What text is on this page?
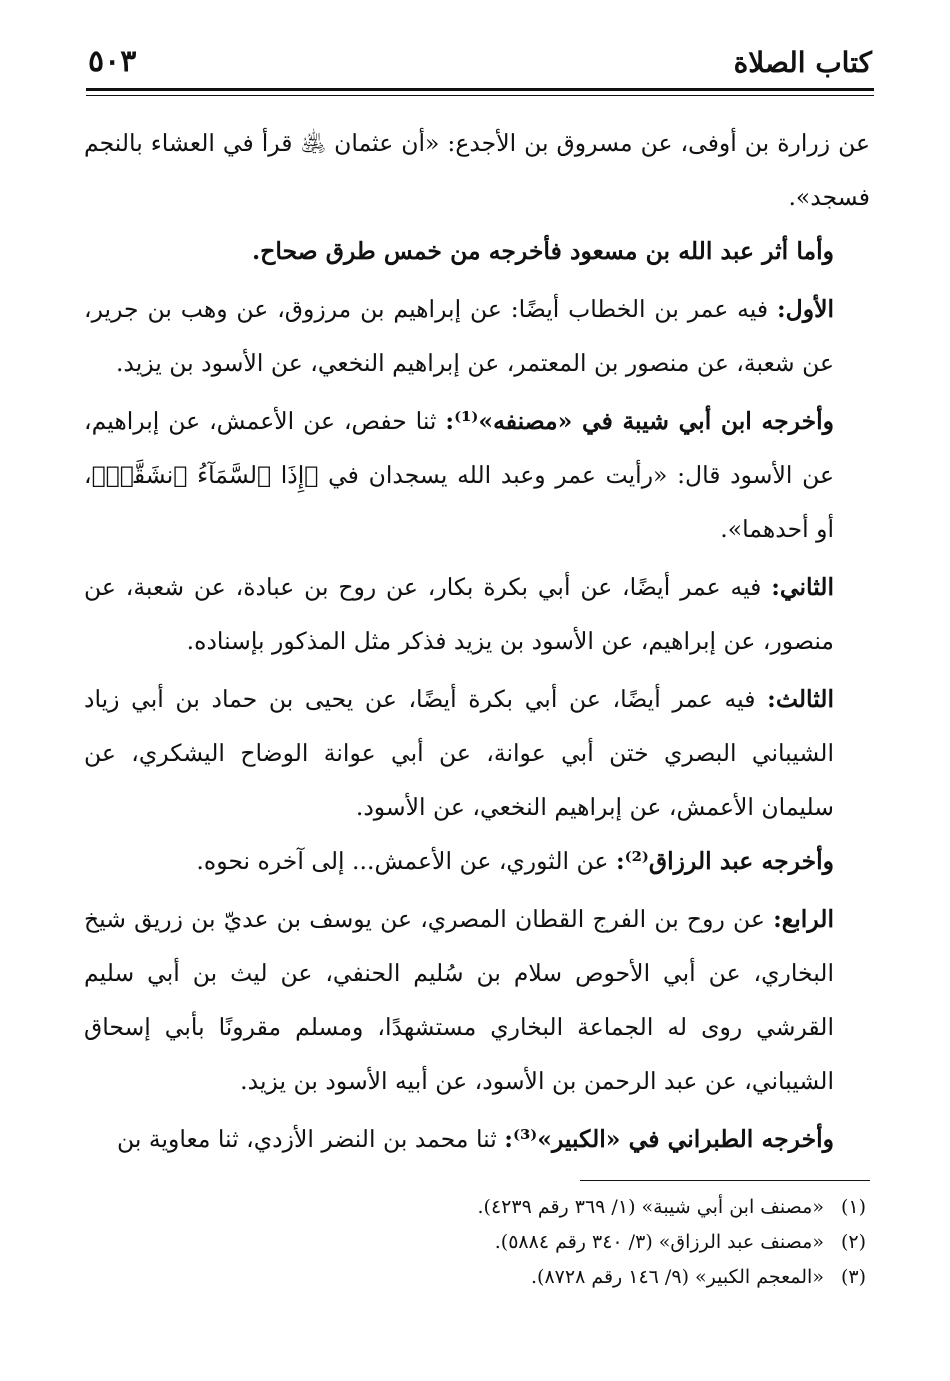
كتاب الصلاة
٥٠٣

عن زرارة بن أوفى، عن مسروق بن الأجدع: «أن عثمان ﵁ قرأ في العشاء بالنجم فسجد».

وأما أثر عبد الله بن مسعود فأخرجه من خمس طرق صحاح.

الأول: فيه عمر بن الخطاب أيضًا: عن إبراهيم بن مرزوق، عن وهب بن جرير، عن شعبة، عن منصور بن المعتمر، عن إبراهيم النخعي، عن الأسود بن يزيد.

وأخرجه ابن أبي شيبة في «مصنفه»⁽¹⁾: ثنا حفص، عن الأعمش، عن إبراهيم، عن الأسود قال: «رأيت عمر وعبد الله يسجدان في ﴿إِذَا ٱلسَّمَآءُ ٱنشَقَّتۡ﴾، أو أحدهما».

الثاني: فيه عمر أيضًا، عن أبي بكرة بكار، عن روح بن عبادة، عن شعبة، عن منصور، عن إبراهيم، عن الأسود بن يزيد فذكر مثل المذكور بإسناده.

الثالث: فيه عمر أيضًا، عن أبي بكرة أيضًا، عن يحيى بن حماد بن أبي زياد الشيباني البصري ختن أبي عوانة، عن أبي عوانة الوضاح اليشكري، عن سليمان الأعمش، عن إبراهيم النخعي، عن الأسود.

وأخرجه عبد الرزاق⁽²⁾: عن الثوري، عن الأعمش... إلى آخره نحوه.

الرابع: عن روح بن الفرج القطان المصري، عن يوسف بن عديّ بن زريق شيخ البخاري، عن أبي الأحوص سلام بن سُليم الحنفي، عن ليث بن أبي سليم القرشي روى له الجماعة البخاري مستشهدًا، ومسلم مقرونًا بأبي إسحاق الشيباني، عن عبد الرحمن بن الأسود، عن أبيه الأسود بن يزيد.

وأخرجه الطبراني في «الكبير»⁽³⁾: ثنا محمد بن النضر الأزدي، ثنا معاوية بن

(١) «مصنف ابن أبي شيبة» (١/ ٣٦٩ رقم ٤٢٣٩).

(٢) «مصنف عبد الرزاق» (٣/ ٣٤٠ رقم ٥٨٨٤).

(٣) «المعجم الكبير» (٩/ ١٤٦ رقم ٨٧٢٨).
